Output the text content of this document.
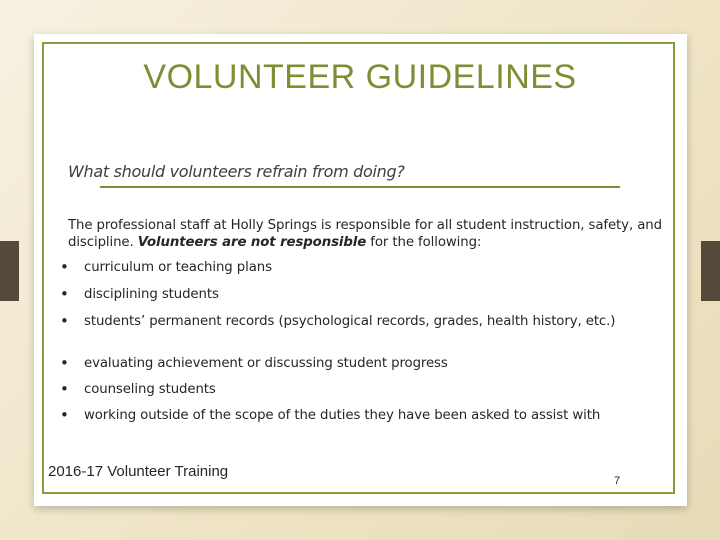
VOLUNTEER GUIDELINES
What should volunteers refrain from doing?
The professional staff at Holly Springs is responsible for all student instruction, safety, and discipline. Volunteers are not responsible for the following:
• curriculum or teaching plans
• disciplining students
• students’ permanent records (psychological records, grades, health history, etc.)
• evaluating achievement or discussing student progress
• counseling students
• working outside of the scope of the duties they have been asked to assist with
2016-17 Volunteer Training
7
